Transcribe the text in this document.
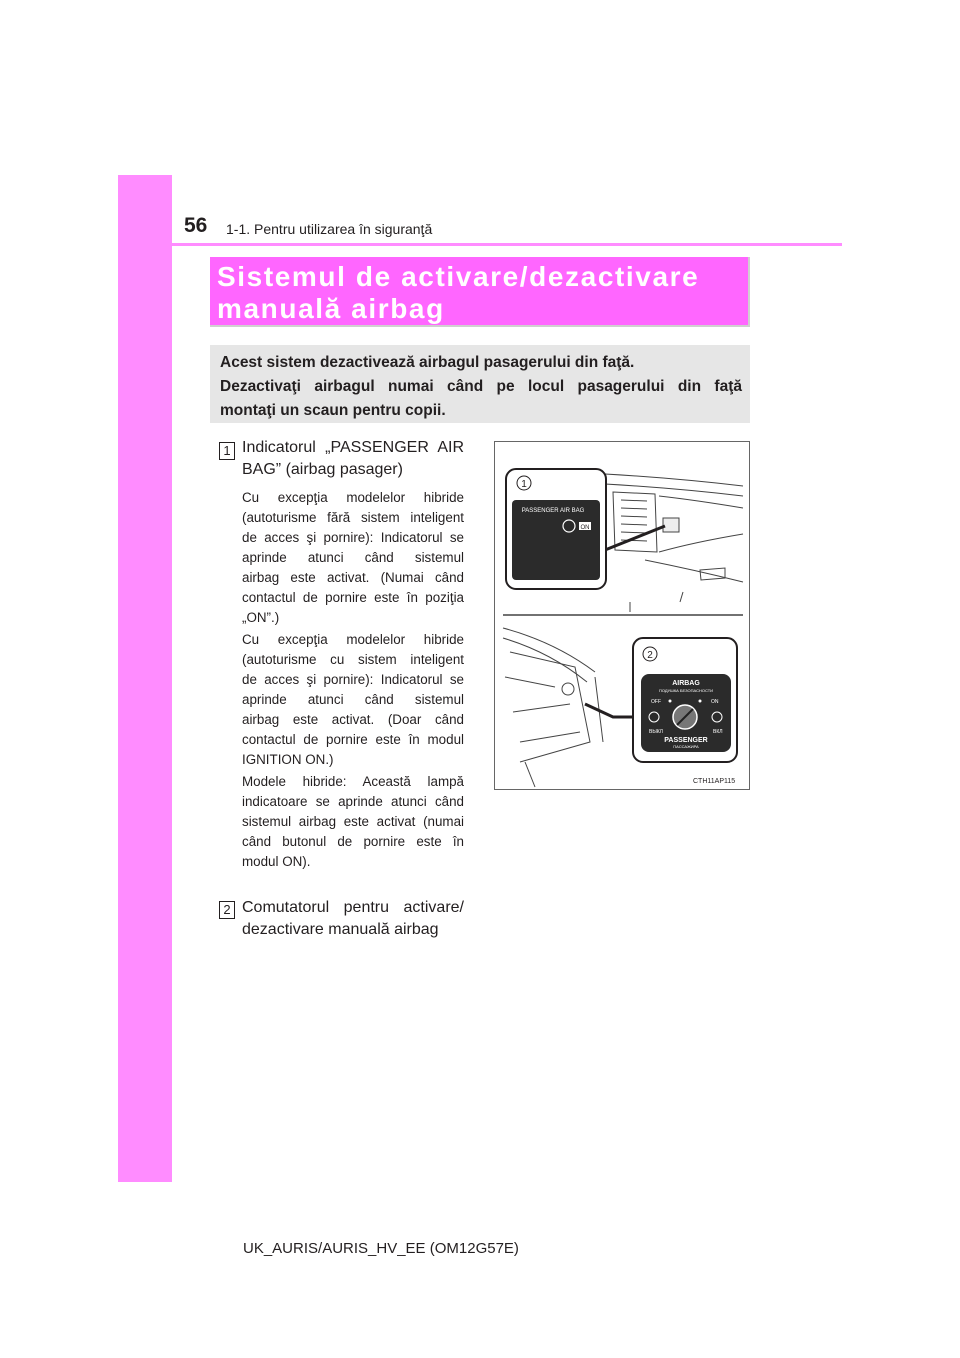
56 1-1. Pentru utilizarea în siguranţă
Sistemul de activare/dezactivare
manuală airbag
Acest sistem dezactivează airbagul pasagerului din faţă.
Dezactivaţi airbagul numai când pe locul pasagerului din faţă
montaţi un scaun pentru copii.
1 Indicatorul „PASSENGER AIR
BAG” (airbag pasager)
Cu excepţia modelelor hibride
(autoturisme fără sistem inteligent
de acces şi pornire): Indicatorul se
aprinde atunci când sistemul
airbag este activat. (Numai când
contactul de pornire este în poziţia
„ON”.)
Cu excepţia modelelor hibride
(autoturisme cu sistem inteligent
de acces şi pornire): Indicatorul se
aprinde atunci când sistemul
airbag este activat. (Doar când
contactul de pornire este în modul
IGNITION ON.)
Modele hibride: Această lampă
indicatoare se aprinde atunci când
sistemul airbag este activat (numai
când butonul de pornire este în
modul ON).
2 Comutatorul pentru activare/
dezactivare manuală airbag
1
PASSENGER AIR BAG
ON
2
AIRBAG
ПОДУШКА БЕЗОПАСНОСТИ
OFF	ON
ВЫКЛ	ВКЛ
PASSENGER
ПАССАЖИРА
CTH11AP115
UK_AURIS/AURIS_HV_EE (OM12G57E)
